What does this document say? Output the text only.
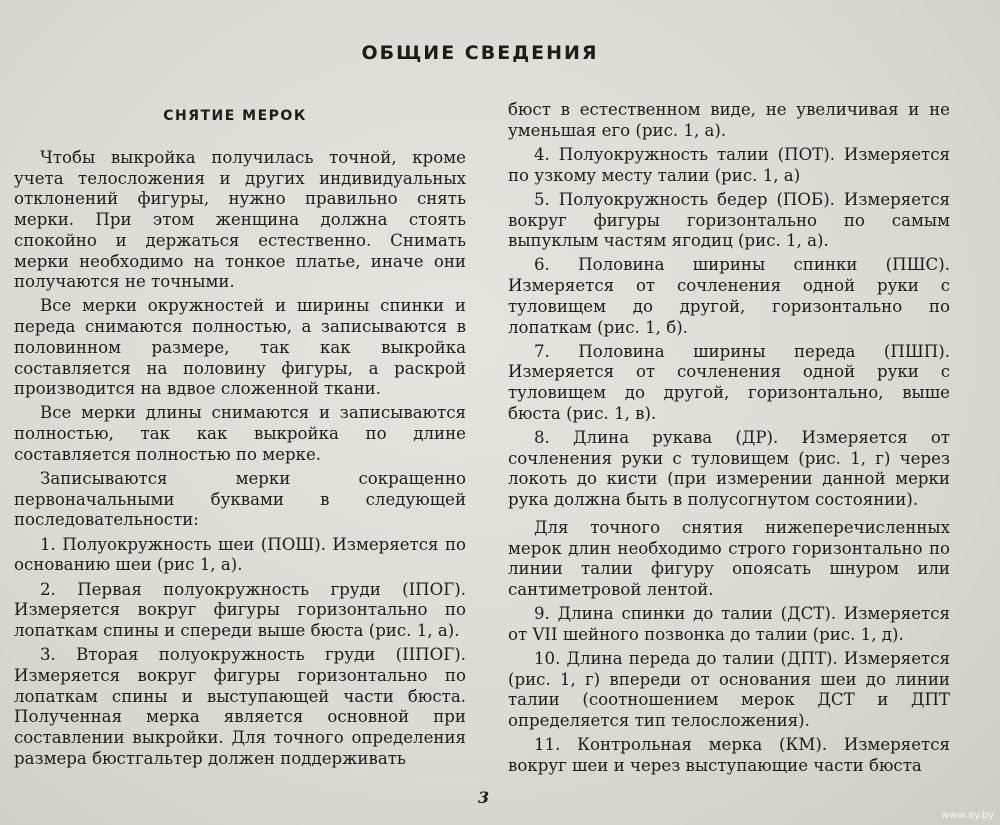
ОБЩИЕ СВЕДЕНИЯ
СНЯТИЕ МЕРОК

Чтобы выкройка получилась точной, кроме учета телосложения и других индивидуальных отклонений фигуры, нужно правильно снять мерки. При этом женщина должна стоять спокойно и держаться естественно. Снимать мерки необходимо на тонкое платье, иначе они получаются не точными.

Все мерки окружностей и ширины спинки и переда снимаются полностью, а записываются в половинном размере, так как выкройка составляется на половину фигуры, а раскрой производится на вдвое сложенной ткани.

Все мерки длины снимаются и записываются полностью, так как выкройка по длине составляется полностью по мерке.

Записываются мерки сокращенно первоначальными буквами в следующей последовательности:

1. Полуокружность шеи (ПОШ). Измеряется по основанию шеи (рис 1, а).

2. Первая полуокружность груди (IПОГ). Измеряется вокруг фигуры горизонтально по лопаткам спины и спереди выше бюста (рис. 1, а).

3. Вторая полуокружность груди (IIПОГ). Измеряется вокруг фигуры горизонтально по лопаткам спины и выступающей части бюста. Полученная мерка является основной при составлении выкройки. Для точного определения размера бюстгальтер должен поддерживать

бюст в естественном виде, не увеличивая и не уменьшая его (рис. 1, а).

4. Полуокружность талии (ПОТ). Измеряется по узкому месту талии (рис. 1, а)

5. Полуокружность бедер (ПОБ). Измеряется вокруг фигуры горизонтально по самым выпуклым частям ягодиц (рис. 1, а).

6. Половина ширины спинки (ПШС). Измеряется от сочленения одной руки с туловищем до другой, горизонтально по лопаткам (рис. 1, б).

7. Половина ширины переда (ПШП). Измеряется от сочленения одной руки с туловищем до другой, горизонтально, выше бюста (рис. 1, в).

8. Длина рукава (ДР). Измеряется от сочленения руки с туловищем (рис. 1, г) через локоть до кисти (при измерении данной мерки рука должна быть в полусогнутом состоянии).

Для точного снятия нижеперечисленных мерок длин необходимо строго горизонтально по линии талии фигуру опоясать шнуром или сантиметровой лентой.

9. Длина спинки до талии (ДСТ). Измеряется от VII шейного позвонка до талии (рис. 1, д).

10. Длина переда до талии (ДПТ). Измеряется (рис. 1, г) впереди от основания шеи до линии талии (соотношением мерок ДСТ и ДПТ определяется тип телосложения).

11. Контрольная мерка (КМ). Измеряется вокруг шеи и через выступающие части бюста

3
www.ay.by
